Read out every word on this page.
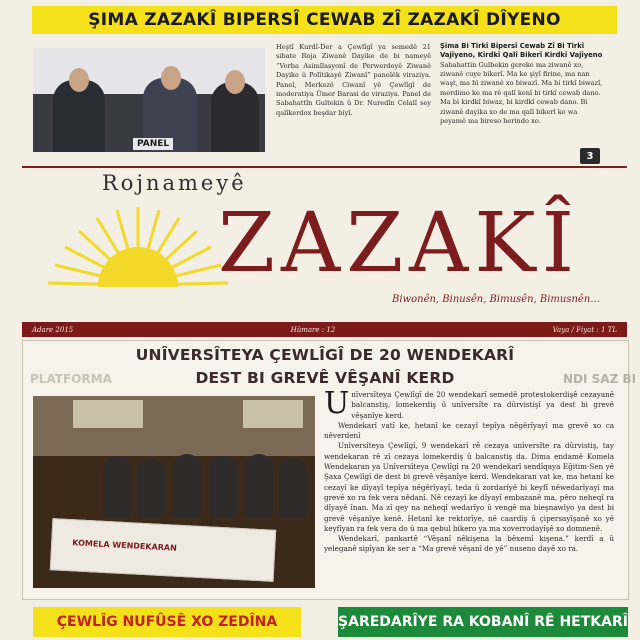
ŞIMA ZAZAKÎ BIPERSÎ CEWAB ZÎ ZAZAKÎ DÎYENO
PANEL
Heştî Kurdî-Der a Çewlîgî ya semedê 21 sibate Roja Ziwanê Dayike de bi nameyê “Verba Asimîlasyonî de Perwerdeyê Ziwanê Dayike û Polîtikayê Ziwanî” panelêk viraziya. Panel, Merkezê Ciwanî yê Çewlîgî de moderatiya Ûmer Barasi de viraziya. Panel de Sabahattîn Gultekin û Dr. Nuredîn Celalî sey qalîkerdox beşdar biyî.
Şima Bi Tirkî Bipersî Cewab Zî Bi Tirkî Vajîyeno, Kirdkî Qalî Bikerî Kirdkî Vajîyeno
Sabahattin Gulbekin gereke ma ziwanê xo, ziwanê cuye bikerî. Ma ke şiyî firine, ma nan waşt, ma bi ziwanê xo biwazî. Ma bi tirkî biwazî, merdimo ke ma rê qalî kenî bi tirkî cewab dano. Ma bi kirdkî biwaz, bi kirdkî cewab dano. Bi ziwanê dayika xo de ma qalî bikerî ke wa peyamê ma bireso herindo xo.
3
Rojnameyê
ZAZAKÎ
Biwonên, Binusên, Bimusên, Bimusnên…
Adare 2015	Hûmare : 12	Vaya / Fiyat : 1 TL
PLATFORMA	NDI SAZ BI
UNÎVERSÎTEYA ÇEWLÎGÎ DE 20 WENDEKARÎ
DEST BI GREVÊ VÊŞANÎ KERD
KOMELA WENDEKARAN

Unîversîteya Çewlîgî de 20 wendekarî semedê protestokerdişê cezayanê balcanstiş, lomekerdiş û unîversîte ra dûrvistişî ya dest bi grevê vêşanîye kerd.

Wendekarî vatî ke, hetanî ke cezayî tepîya nêgêrîyayî ma grevê xo ca nêverdenî

Unîversîteya Çewlîgî, 9 wendekarî rê cezaya unîversîte ra dûrvistiş, tay wendekaran rê zî cezaya lomekerdiş û balcanstiş da. Dima endamê Komela Wendekaran ya Unîversîteya Çewlîgî ra 20 wendekarî sendîqaya Eğitim-Sen yê Şaxa Çewlîgî de dest bi grevê vêşanîye kerd. Wendekaran vat ke, ma hetanî ke cezayî ke dîyayî tepîya nêgêrîyayî, teda û zordarîyê bi keyfî nêwedarîyayî ma grevê xo ra fek vera nêdanî. Nê cezayî ke dîyayî embazanê ma, pêro neheqî ra dîyayê înan. Ma zî qey na neheqî wedarîyo û vengê ma bieşnawîyo ya dest bi grevê vêşanîye kenê. Hetanî ke rektorîye, nê caardiş û çipersayîşanê xo yê keyfîyan ra fek vera do û ma qebul bikero ya ma xoverrodayîşê xo domnenê.

Wendekarî, pankartê “Vêşanî nêkişena la bêxemî kişena.” kerdî a û yeleganê sipîyan ke ser a “Ma grevê vêşanî de yê” nuseno dayê xo ra.

ÇEWLÎG NUFÛSÊ XO ZEDÎNA	ŞAREDARÎYE RA KOBANÎ RÊ HETKARÎ
